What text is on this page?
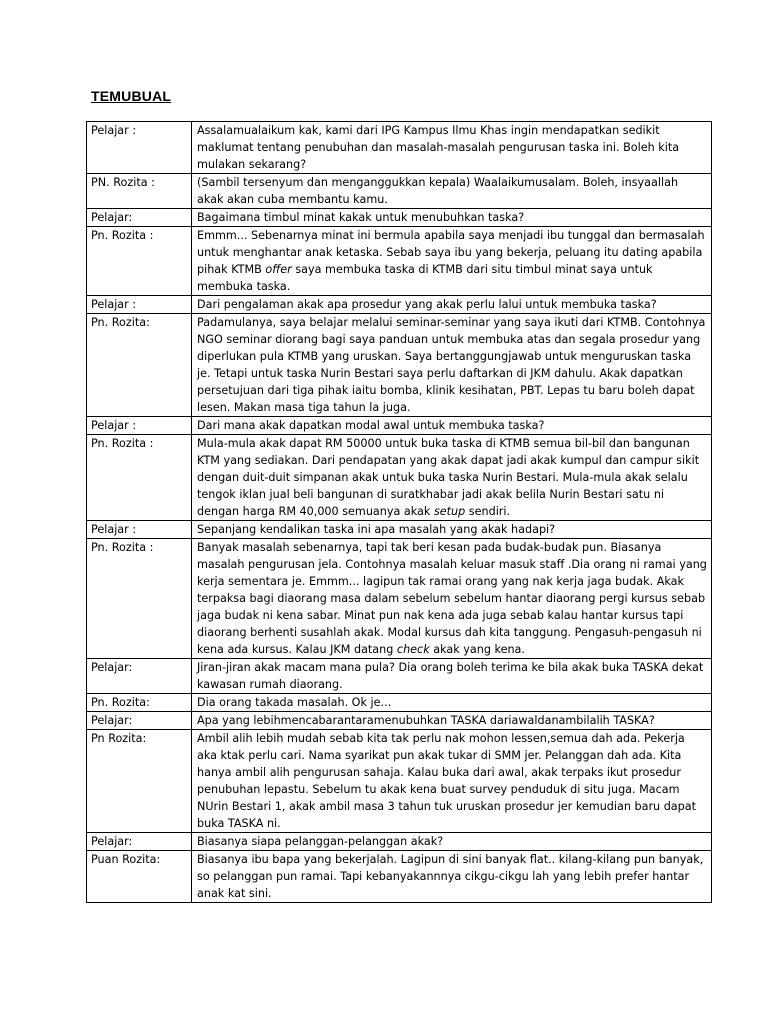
TEMUBUAL
Pelajar :	Assalamualaikum kak, kami dari IPG Kampus Ilmu Khas ingin mendapatkan sedikit maklumat tentang penubuhan dan masalah-masalah pengurusan taska ini. Boleh kita mulakan sekarang?
PN. Rozita :	(Sambil tersenyum dan menganggukkan kepala) Waalaikumusalam. Boleh, insyaallah akak akan cuba membantu kamu.
Pelajar:	Bagaimana timbul minat kakak untuk menubuhkan taska?
Pn. Rozita :	Emmm... Sebenarnya minat ini bermula apabila saya menjadi ibu tunggal dan bermasalah untuk menghantar anak ketaska. Sebab saya ibu yang bekerja, peluang itu dating apabila pihak KTMB offer saya membuka taska di KTMB dari situ timbul minat saya untuk membuka taska.
Pelajar :	Dari pengalaman akak apa prosedur yang akak perlu lalui untuk membuka taska?
Pn. Rozita:	Padamulanya, saya belajar melalui seminar-seminar yang saya ikuti dari KTMB. Contohnya NGO seminar diorang bagi saya panduan untuk membuka atas dan segala prosedur yang diperlukan pula KTMB yang uruskan. Saya bertanggungjawab untuk menguruskan taska je. Tetapi untuk taska Nurin Bestari saya perlu daftarkan di JKM dahulu. Akak dapatkan persetujuan dari tiga pihak iaitu bomba, klinik kesihatan, PBT. Lepas tu baru boleh dapat lesen. Makan masa tiga tahun la juga.
Pelajar :	Dari mana akak dapatkan modal awal untuk membuka taska?
Pn. Rozita :	Mula-mula akak dapat RM 50000 untuk buka taska di KTMB semua bil-bil dan bangunan KTM yang sediakan. Dari pendapatan yang akak dapat jadi akak kumpul dan campur sikit dengan duit-duit simpanan akak untuk buka taska Nurin Bestari. Mula-mula akak selalu tengok iklan jual beli bangunan di suratkhabar jadi akak belila Nurin Bestari satu ni dengan harga RM 40,000 semuanya akak setup sendiri.
Pelajar :	Sepanjang kendalikan taska ini apa masalah yang akak hadapi?
Pn. Rozita :	Banyak masalah sebenarnya, tapi tak beri kesan pada budak-budak pun. Biasanya masalah pengurusan jela. Contohnya masalah keluar masuk staff .Dia orang ni ramai yang kerja sementara je. Emmm... lagipun tak ramai orang yang nak kerja jaga budak. Akak terpaksa bagi diaorang masa dalam sebelum sebelum hantar diaorang pergi kursus sebab jaga budak ni kena sabar. Minat pun nak kena ada juga sebab kalau hantar kursus tapi diaorang berhenti susahlah akak. Modal kursus dah kita tanggung. Pengasuh-pengasuh ni kena ada kursus. Kalau JKM datang check akak yang kena.
Pelajar:	Jiran-jiran akak macam mana pula? Dia orang boleh terima ke bila akak buka TASKA dekat kawasan rumah diaorang.
Pn. Rozita:	Dia orang takada masalah. Ok je...
Pelajar:	Apa yang lebihmencabarantaramenubuhkan TASKA dariawaldanambilalih TASKA?
Pn Rozita:	Ambil alih lebih mudah sebab kita tak perlu nak mohon lessen,semua dah ada. Pekerja aka ktak perlu cari. Nama syarikat pun akak tukar di SMM jer. Pelanggan dah ada. Kita hanya ambil alih pengurusan sahaja. Kalau buka dari awal, akak terpaks ikut prosedur penubuhan lepastu. Sebelum tu akak kena buat survey penduduk di situ juga. Macam NUrin Bestari 1, akak ambil masa 3 tahun tuk uruskan prosedur jer kemudian baru dapat buka TASKA ni.
Pelajar:	Biasanya siapa pelanggan-pelanggan akak?
Puan Rozita:	Biasanya ibu bapa yang bekerjalah. Lagipun di sini banyak flat.. kilang-kilang pun banyak, so pelanggan pun ramai. Tapi kebanyakannnya cikgu-cikgu lah yang lebih prefer hantar anak kat sini.
